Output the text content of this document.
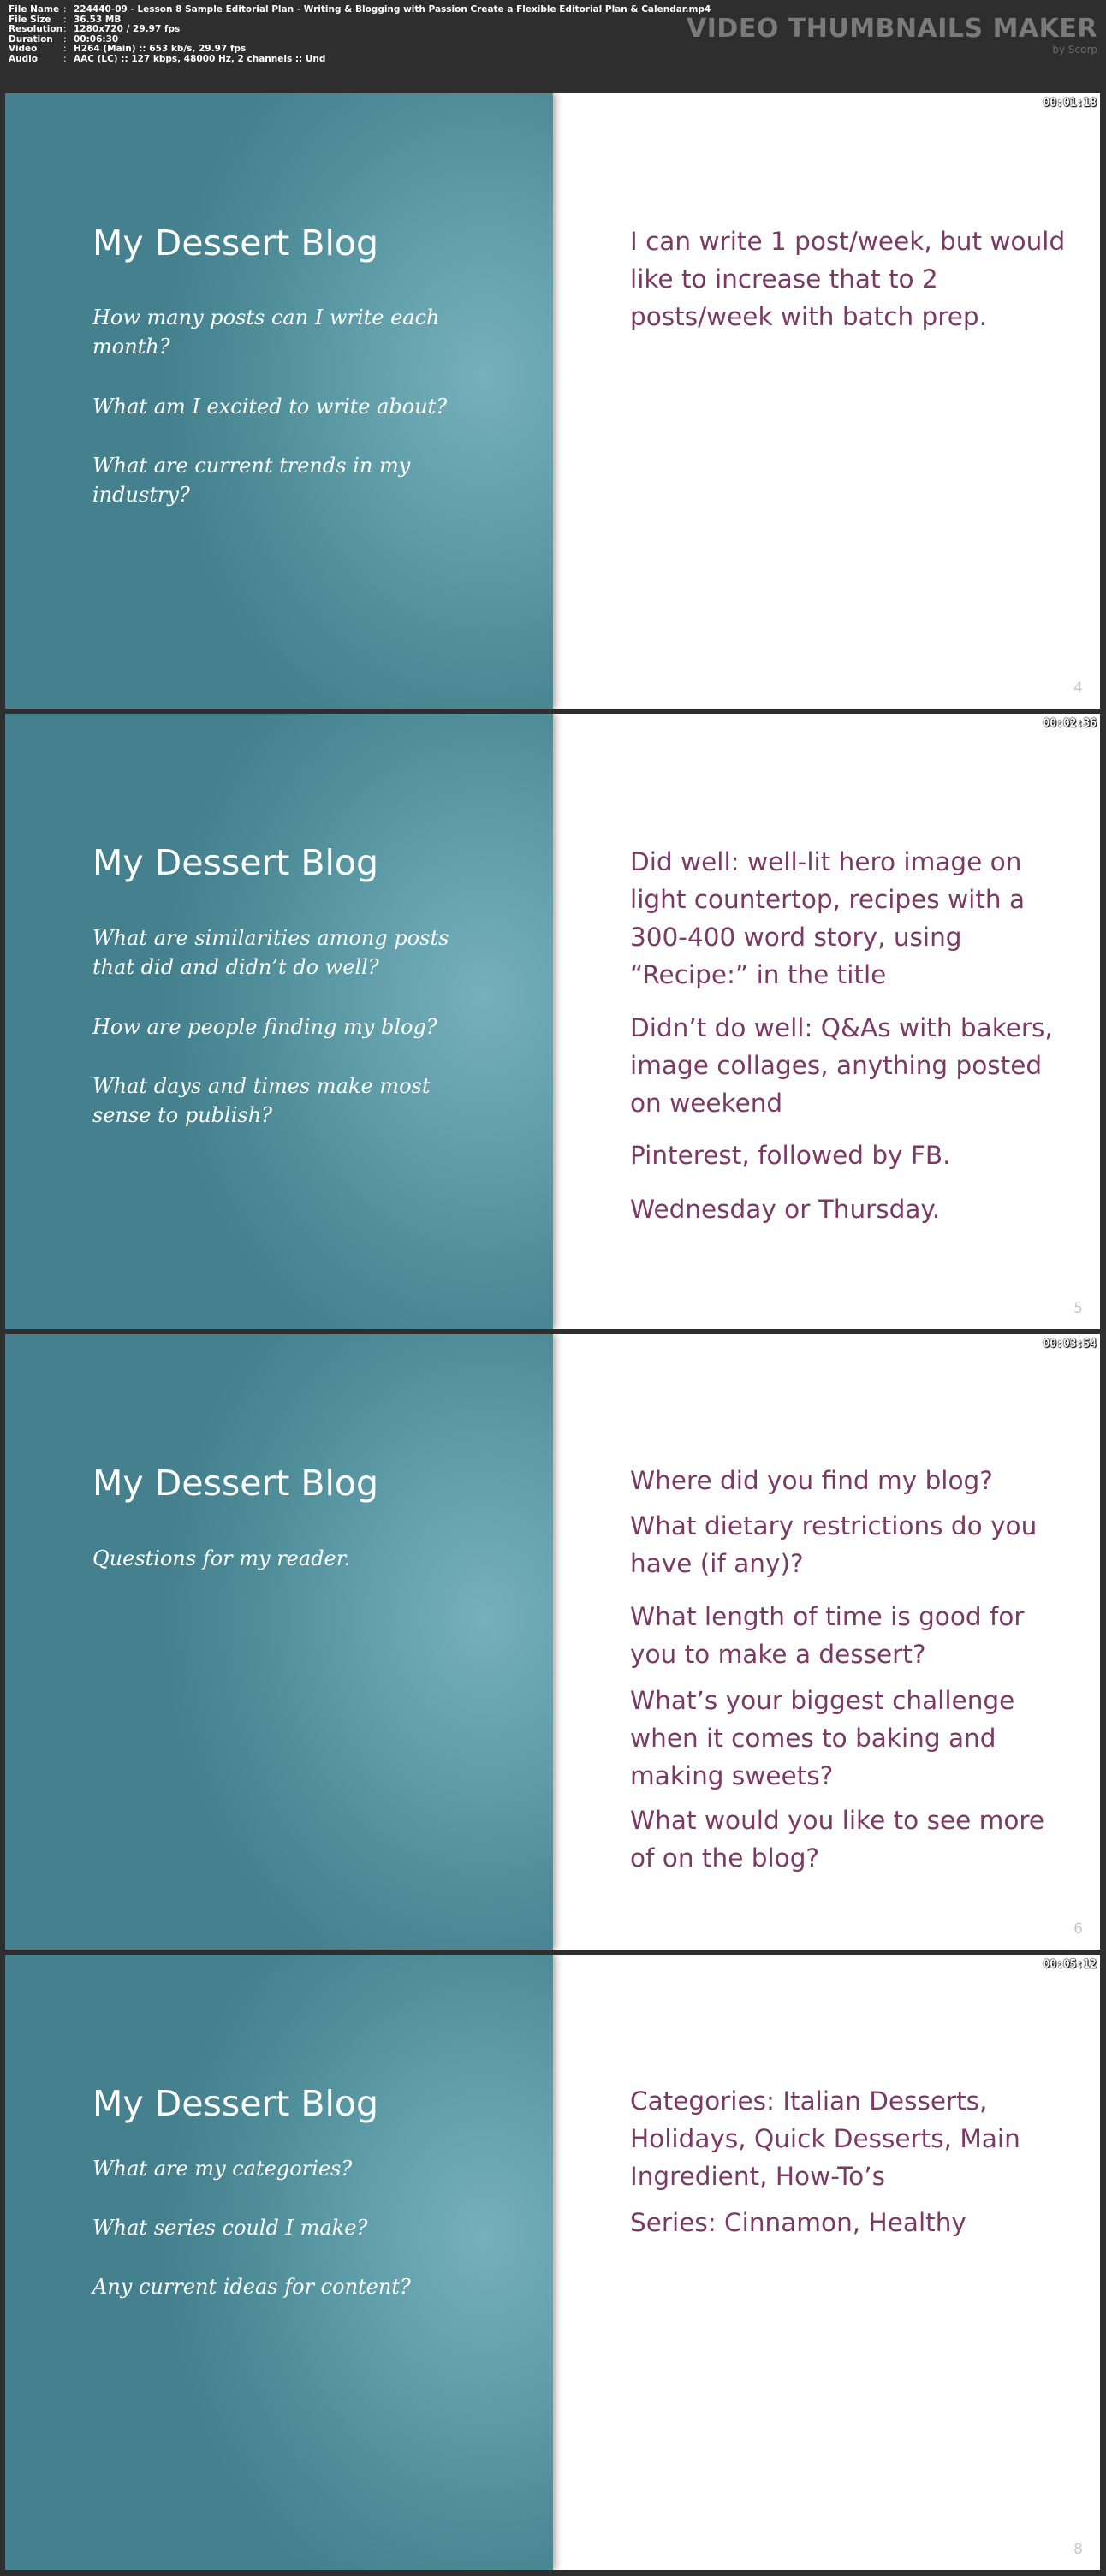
File Name : 224440-09 - Lesson 8 Sample Editorial Plan - Writing & Blogging with Passion Create a Flexible Editorial Plan & Calendar.mp4
File Size	: 36.53 MB
Resolution : 1280x720 / 29.97 fps
Duration	: 00:06:30
Video	: H264 (Main) :: 653 kb/s, 29.97 fps
Audio	: AAC (LC) :: 127 kbps, 48000 Hz, 2 channels :: Und
VIDEO THUMBNAILS MAKER
by Scorp
My Dessert Blog
How many posts can I write each month?
What am I excited to write about?
What are current trends in my industry?
I can write 1 post/week, but would like to increase that to 2 posts/week with batch prep.
4
00:01:18
My Dessert Blog
What are similarities among posts that did and didn’t do well?
How are people finding my blog?
What days and times make most sense to publish?
Did well: well-lit hero image on light countertop, recipes with a 300-400 word story, using “Recipe:” in the title
Didn’t do well: Q&As with bakers, image collages, anything posted on weekend
Pinterest, followed by FB.
Wednesday or Thursday.
5
00:02:36
My Dessert Blog
Questions for my reader.
Where did you find my blog?
What dietary restrictions do you have (if any)?
What length of time is good for you to make a dessert?
What’s your biggest challenge when it comes to baking and making sweets?
What would you like to see more of on the blog?
6
00:03:54
My Dessert Blog
What are my categories?
What series could I make?
Any current ideas for content?
Categories: Italian Desserts, Holidays, Quick Desserts, Main Ingredient, How-To’s
Series: Cinnamon, Healthy
8
00:05:12
